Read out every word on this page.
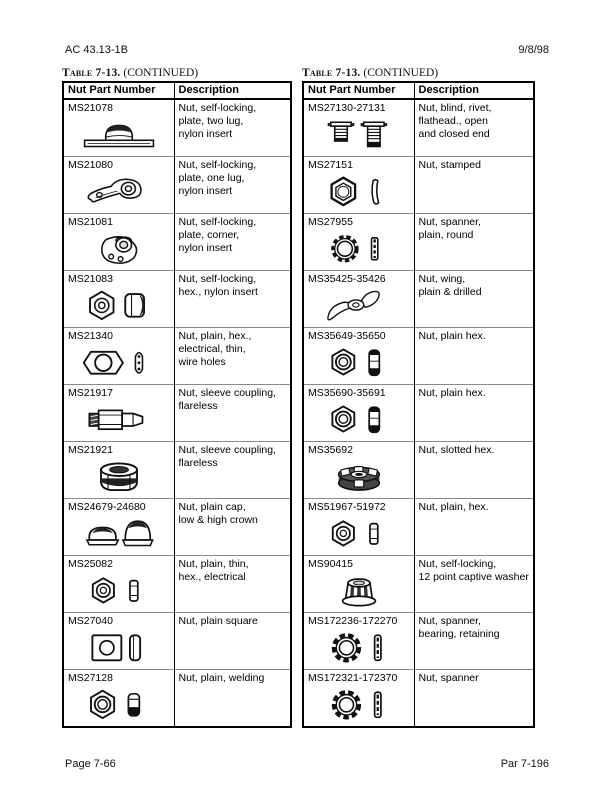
AC 43.13-1B	9/8/98
Table 7-13. (CONTINUED)
Nut Part Number	Description

MS21078	Nut, self-locking,
plate, two lug,
nylon insert

MS21080	Nut, self-locking,
plate, one lug,
nylon insert

MS21081	Nut, self-locking,
plate, corner,
nylon insert

MS21083	Nut, self-locking,
hex., nylon insert

MS21340	Nut, plain, hex.,
electrical, thin,
wire holes

MS21917	Nut, sleeve coupling,
flareless

MS21921	Nut, sleeve coupling,
flareless

MS24679-24680	Nut, plain cap,
low & high crown

MS25082	Nut, plain, thin,
hex., electrical

MS27040	Nut, plain square

MS27128	Nut, plain, welding
Table 7-13. (CONTINUED)
Nut Part Number	Description

MS27130-27131	Nut, blind, rivet,
flathead., open
and closed end

MS27151	Nut, stamped

MS27955	Nut, spanner,
plain, round

MS35425-35426	Nut, wing,
plain & drilled

MS35649-35650	Nut, plain hex.

MS35690-35691	Nut, plain hex.

MS35692	Nut, slotted hex.

MS51967-51972	Nut, plain, hex.

MS90415	Nut, self-locking,
12 point captive washer

MS172236-172270	Nut, spanner,
bearing, retaining

MS172321-172370	Nut, spanner
Page 7-66	Par 7-196
